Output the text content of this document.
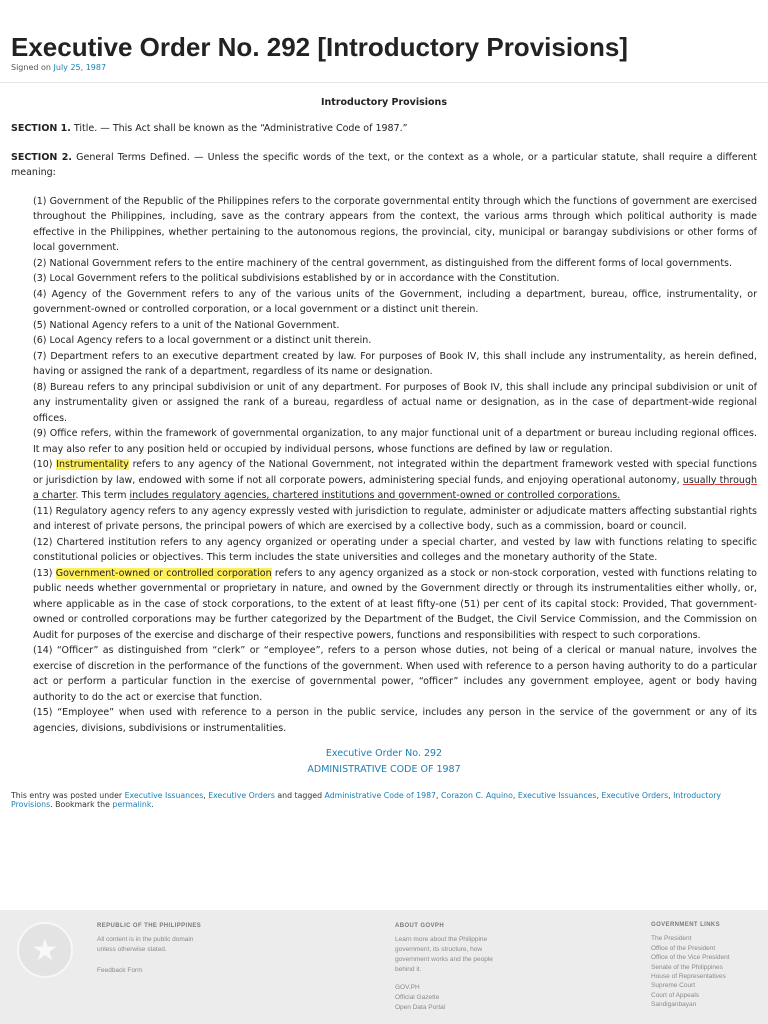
Executive Order No. 292 [Introductory Provisions]
Signed on July 25, 1987
Introductory Provisions

SECTION 1. Title. — This Act shall be known as the “Administrative Code of 1987.”

SECTION 2. General Terms Defined. — Unless the specific words of the text, or the context as a whole, or a particular statute, shall require a different meaning:

(1) Government of the Republic of the Philippines refers to the corporate governmental entity through which the functions of government are exercised throughout the Philippines, including, save as the contrary appears from the context, the various arms through which political authority is made effective in the Philippines, whether pertaining to the autonomous regions, the provincial, city, municipal or barangay subdivisions or other forms of local government.

(2) National Government refers to the entire machinery of the central government, as distinguished from the different forms of local governments.

(3) Local Government refers to the political subdivisions established by or in accordance with the Constitution.

(4) Agency of the Government refers to any of the various units of the Government, including a department, bureau, office, instrumentality, or government-owned or controlled corporation, or a local government or a distinct unit therein.

(5) National Agency refers to a unit of the National Government.

(6) Local Agency refers to a local government or a distinct unit therein.

(7) Department refers to an executive department created by law. For purposes of Book IV, this shall include any instrumentality, as herein defined, having or assigned the rank of a department, regardless of its name or designation.

(8) Bureau refers to any principal subdivision or unit of any department. For purposes of Book IV, this shall include any principal subdivision or unit of any instrumentality given or assigned the rank of a bureau, regardless of actual name or designation, as in the case of department-wide regional offices.

(9) Office refers, within the framework of governmental organization, to any major functional unit of a department or bureau including regional offices. It may also refer to any position held or occupied by individual persons, whose functions are defined by law or regulation.

(10) Instrumentality refers to any agency of the National Government, not integrated within the department framework vested with special functions or jurisdiction by law, endowed with some if not all corporate powers, administering special funds, and enjoying operational autonomy, usually through a charter. This term includes regulatory agencies, chartered institutions and government-owned or controlled corporations.

(11) Regulatory agency refers to any agency expressly vested with jurisdiction to regulate, administer or adjudicate matters affecting substantial rights and interest of private persons, the principal powers of which are exercised by a collective body, such as a commission, board or council.

(12) Chartered institution refers to any agency organized or operating under a special charter, and vested by law with functions relating to specific constitutional policies or objectives. This term includes the state universities and colleges and the monetary authority of the State.

(13) Government-owned or controlled corporation refers to any agency organized as a stock or non-stock corporation, vested with functions relating to public needs whether governmental or proprietary in nature, and owned by the Government directly or through its instrumentalities either wholly, or, where applicable as in the case of stock corporations, to the extent of at least fifty-one (51) per cent of its capital stock: Provided, That government-owned or controlled corporations may be further categorized by the Department of the Budget, the Civil Service Commission, and the Commission on Audit for purposes of the exercise and discharge of their respective powers, functions and responsibilities with respect to such corporations.

(14) “Officer” as distinguished from “clerk” or “employee”, refers to a person whose duties, not being of a clerical or manual nature, involves the exercise of discretion in the performance of the functions of the government. When used with reference to a person having authority to do a particular act or perform a particular function in the exercise of governmental power, “officer” includes any government employee, agent or body having authority to do the act or exercise that function.

(15) “Employee” when used with reference to a person in the public service, includes any person in the service of the government or any of its agencies, divisions, subdivisions or instrumentalities.

Executive Order No. 292
ADMINISTRATIVE CODE OF 1987
This entry was posted under Executive Issuances, Executive Orders and tagged Administrative Code of 1987, Corazon C. Aquino, Executive Issuances, Executive Orders, Introductory Provisions. Bookmark the permalink.
★
REPUBLIC OF THE PHILIPPINES
All content is in the public domain
unless otherwise stated.
Feedback Form
ABOUT GOVPH
Learn more about the Philippine
government, its structure, how
government works and the people
behind it.
GOV.PH
Official Gazette
Open Data Portal
GOVERNMENT LINKS
The President
Office of the President
Office of the Vice President
Senate of the Philippines
House of Representatives
Supreme Court
Court of Appeals
Sandiganbayan
